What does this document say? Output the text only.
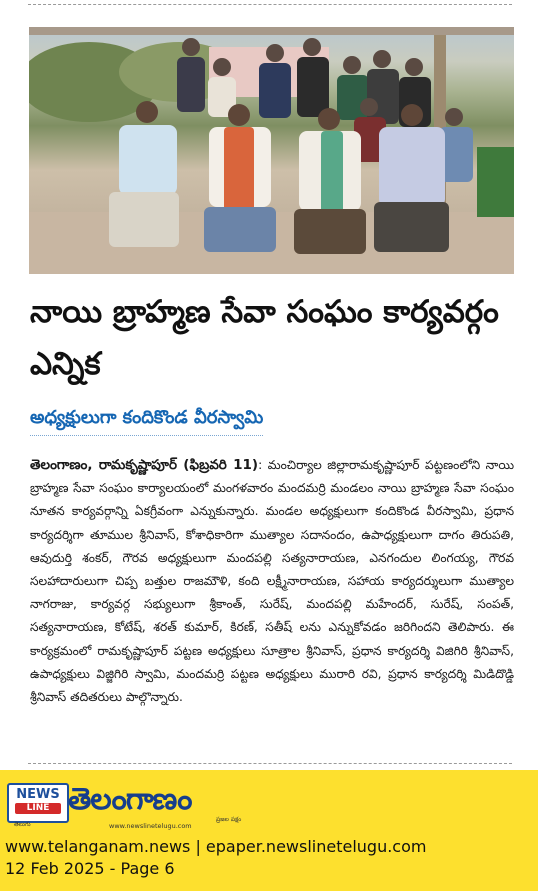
నాయి బ్రాహ్మణ సేవా సంఘం కార్యవర్గం ఎన్నిక
అధ్యక్షులుగా కందికొండ వీరస్వామి

తెలంగాణం, రామకృష్ణాపూర్ (ఫిబ్రవరి 11): మంచిర్యాల జిల్లారామకృష్ణాపూర్ పట్టణంలోని నాయి బ్రాహ్మణ సేవా సంఘం కార్యాలయంలో మంగళవారం మందమర్రి మండలం నాయి బ్రాహ్మణ సేవా సంఘం నూతన కార్యవర్గాన్ని ఏకగ్రీవంగా ఎన్నుకున్నారు. మండల అధ్యక్షులుగా కందికొండ వీరస్వామి, ప్రధాన కార్యదర్శిగా తూముల శ్రీనివాస్, కోశాధికారిగా ముత్యాల సదానందం, ఉపాధ్యక్షులుగా దాగం తిరుపతి, ఆవుదుర్తి శంకర్, గౌరవ అధ్యక్షులుగా మందపల్లి సత్యనారాయణ, ఎనగందుల లింగయ్య, గౌరవ సలహాదారులుగా చిప్ప బత్తుల రాజమౌళి, కంది లక్ష్మీనారాయణ, సహాయ కార్యదర్శులుగా ముత్యాల నాగరాజు, కార్యవర్గ సభ్యులుగా శ్రీకాంత్, సురేష్, మందపల్లి మహేందర్, సురేష్, సంపత్, సత్యనారాయణ, కోటేష్, శరత్ కుమార్, కిరణ్, సతీష్ లను ఎన్నుకోవడం జరిగిందని తెలిపారు. ఈ కార్యక్రమంలో రామకృష్ణాపూర్ పట్టణ అధ్యక్షులు సూత్రాల శ్రీనివాస్, ప్రధాన కార్యదర్శి విజిగిరి శ్రీనివాస్, ఉపాధ్యక్షులు విజ్జిగిరి స్వామి, మందమర్రి పట్టణ అధ్యక్షులు మురారి రవి, ప్రధాన కార్యదర్శి మిడిదొడ్డి శ్రీనివాస్ తదితరులు పాల్గొన్నారు.

NEWS
LINE
తెలుగు
తెలంగాణం
www.newslinetelugu.com
ప్రజల పక్షం
www.telanganam.news | epaper.newslinetelugu.com
12 Feb 2025 - Page 6
